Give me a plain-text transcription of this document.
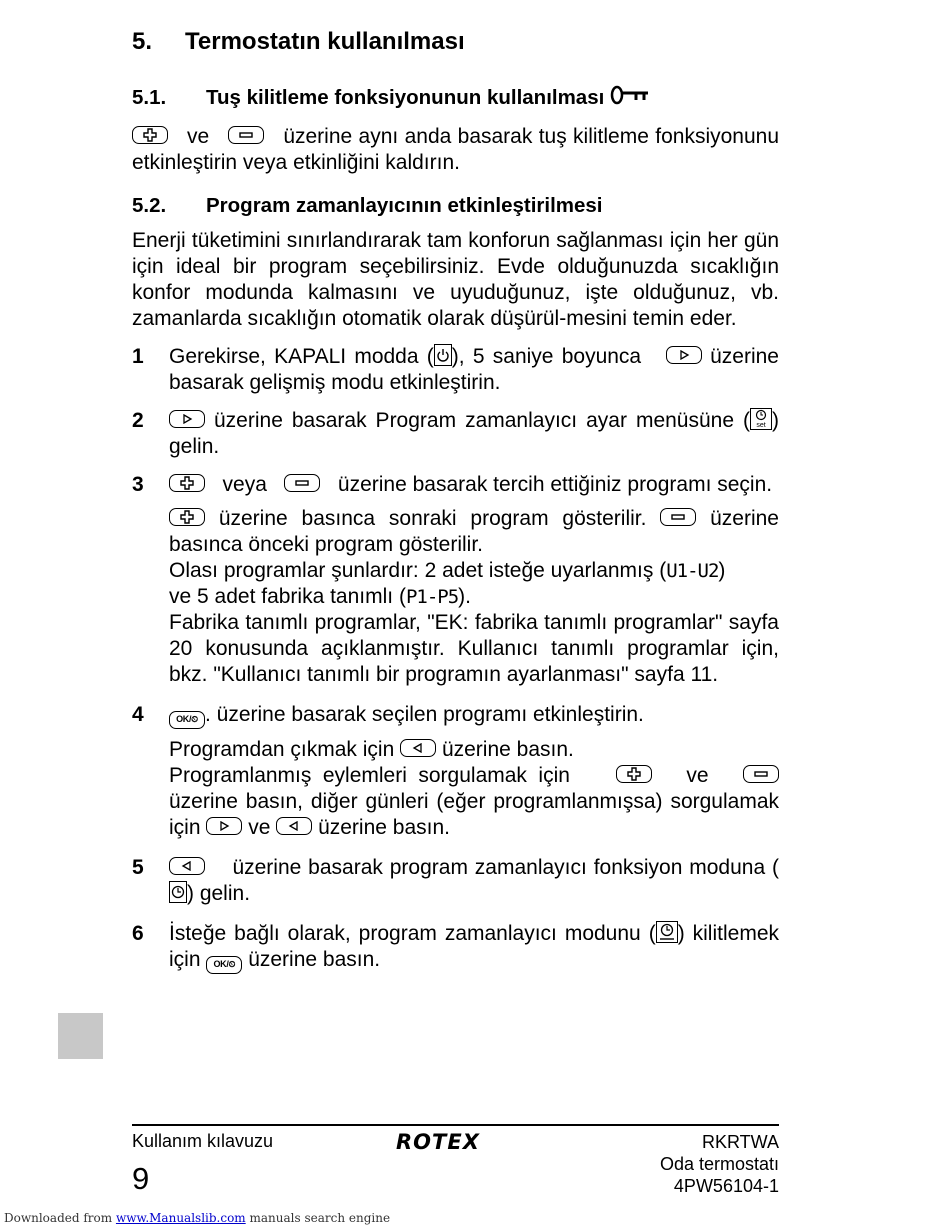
5.	Termostatın kullanılması
5.1.	Tuş kilitleme fonksiyonunun kullanılması

ve	üzerine aynı anda basarak tuş kilitleme fonksiyonunu etkinleştirin veya etkinliğini kaldırın.

5.2.	Program zamanlayıcının etkinleştirilmesi

Enerji tüketimini sınırlandırarak tam konforun sağlanması için her gün için ideal bir program seçebilirsiniz. Evde olduğunuzda sıcaklığın konfor modunda kalmasını ve uyuduğunuz, işte olduğunuz, vb. zamanlarda sıcaklığın otomatik olarak düşürül-mesini temin eder.

1	Gerekirse, KAPALI modda ( ), 5 saniye boyunca	üzerine basarak gelişmiş modu etkinleştirin.

2	üzerine basarak Program zamanlayıcı ayar menüsüne ( set ) gelin.

3	veya	üzerine basarak tercih ettiğiniz programı seçin.

üzerine basınca sonraki program gösterilir.	üzerine basınca önceki program gösterilir.

Olası programlar şunlardır: 2 adet isteğe uyarlanmış (U1-U2)

ve 5 adet fabrika tanımlı (P1-P5).

Fabrika tanımlı programlar, "EK: fabrika tanımlı programlar" sayfa 20 konusunda açıklanmıştır. Kullanıcı tanımlı programlar için, bkz. "Kullanıcı tanımlı bir programın ayarlanması" sayfa 11.

4	OK/⏲ . üzerine basarak seçilen programı etkinleştirin.

Programdan çıkmak için üzerine basın.

Programlanmış eylemleri sorgulamak için	ve
üzerine basın, diğer günleri (eğer programlanmışsa) sorgulamak için ve üzerine basın.

5	üzerine basarak program zamanlayıcı fonksiyon moduna (
) gelin.

6	İsteğe bağlı olarak, program zamanlayıcı modunu ( ) kilitlemek için OK/⏲ üzerine basın.

Kullanım kılavuzu
9
ROTEX	RKRTWA
Oda termostatı
4PW56104-1
Downloaded from www.Manualslib.com manuals search engine
